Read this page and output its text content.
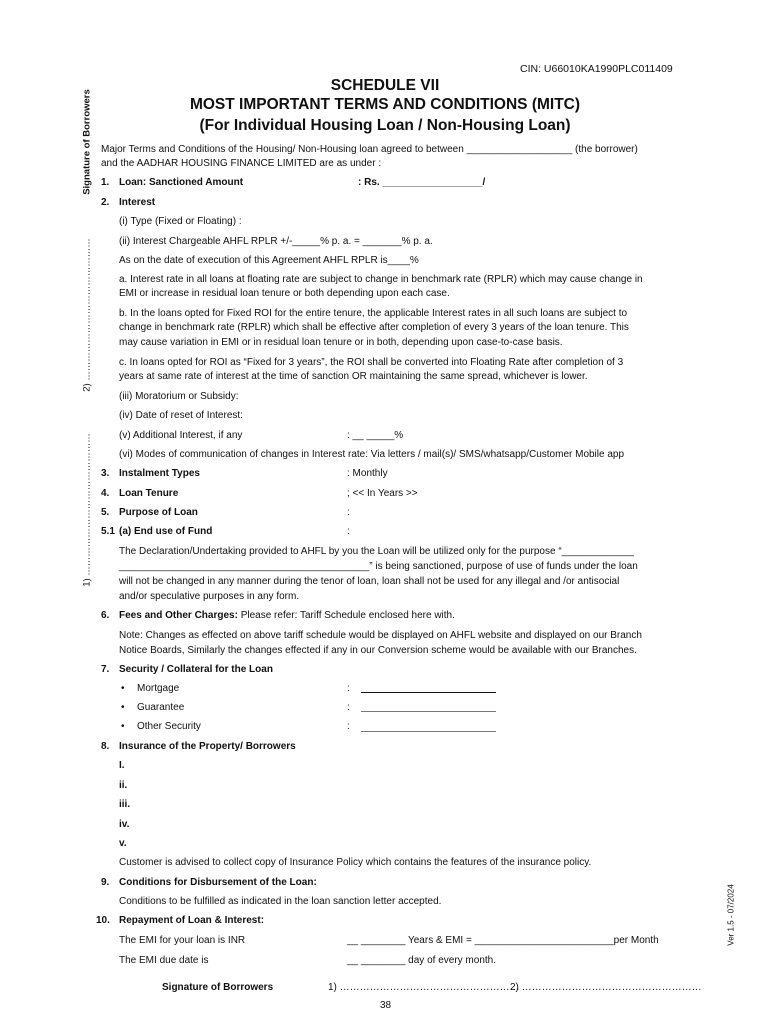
CIN: U66010KA1990PLC011409
SCHEDULE VII
MOST IMPORTANT TERMS AND CONDITIONS (MITC)
(For Individual Housing Loan / Non-Housing Loan)
Signature of Borrowers
2) ………………………………………
1) ………………………………………
Ver 1.5 - 07/2024
Major Terms and Conditions of the Housing/ Non-Housing loan agreed to between ___________________ (the borrower)
and the AADHAR HOUSING FINANCE LIMITED are as under :
1. Loan: Sanctioned Amount	: Rs. __________________/
2. Interest
(i) Type (Fixed or Floating) :
(ii) Interest Chargeable AHFL RPLR +/-_____% p. a. = _______% p. a.
As on the date of execution of this Agreement AHFL RPLR is____%
a. Interest rate in all loans at floating rate are subject to change in benchmark rate (RPLR) which may cause change in
EMI or increase in residual loan tenure or both depending upon each case.
b. In the loans opted for Fixed ROI for the entire tenure, the applicable Interest rates in all such loans are subject to
change in benchmark rate (RPLR) which shall be effective after completion of every 3 years of the loan tenure. This
may cause variation in EMI or in residual loan tenure or in both, depending upon case-to-case basis.
c. In loans opted for ROI as “Fixed for 3 years”, the ROI shall be converted into Floating Rate after completion of 3
years at same rate of interest at the time of sanction OR maintaining the same spread, whichever is lower.
(iii) Moratorium or Subsidy:
(iv) Date of reset of Interest:
(v) Additional Interest, if any	: __ _____%
(vi) Modes of communication of changes in Interest rate: Via letters / mail(s)/ SMS/whatsapp/Customer Mobile app
3. Instalment Types	: Monthly
4. Loan Tenure	; << In Years >>
5. Purpose of Loan	:
5.1 (a) End use of Fund	:
The Declaration/Undertaking provided to AHFL by you the Loan will be utilized only for the purpose “_____________
_____________________________________________” is being sanctioned, purpose of use of funds under the loan
will not be changed in any manner during the tenor of loan, loan shall not be used for any illegal and /or antisocial
and/or speculative purposes in any form.
6. Fees and Other Charges: Please refer: Tariff Schedule enclosed here with.
Note: Changes as effected on above tariff schedule would be displayed on AHFL website and displayed on our Branch
Notice Boards, Similarly the changes effected if any in our Conversion scheme would be available with our Branches.
7. Security / Collateral for the Loan
• Mortgage	:
• Guarantee	:
• Other Security	:
8. Insurance of the Property/ Borrowers
I.
ii.
iii.
iv.
v.
Customer is advised to collect copy of Insurance Policy which contains the features of the insurance policy.
9. Conditions for Disbursement of the Loan:
Conditions to be fulfilled as indicated in the loan sanction letter accepted.
10. Repayment of Loan & Interest:
The EMI for your loan is INR	__ ________ Years & EMI = _________________________per Month
The EMI due date is	__ ________ day of every month.
Signature of Borrowers	1) ………………………………………………
2) ………………………………………………
38
